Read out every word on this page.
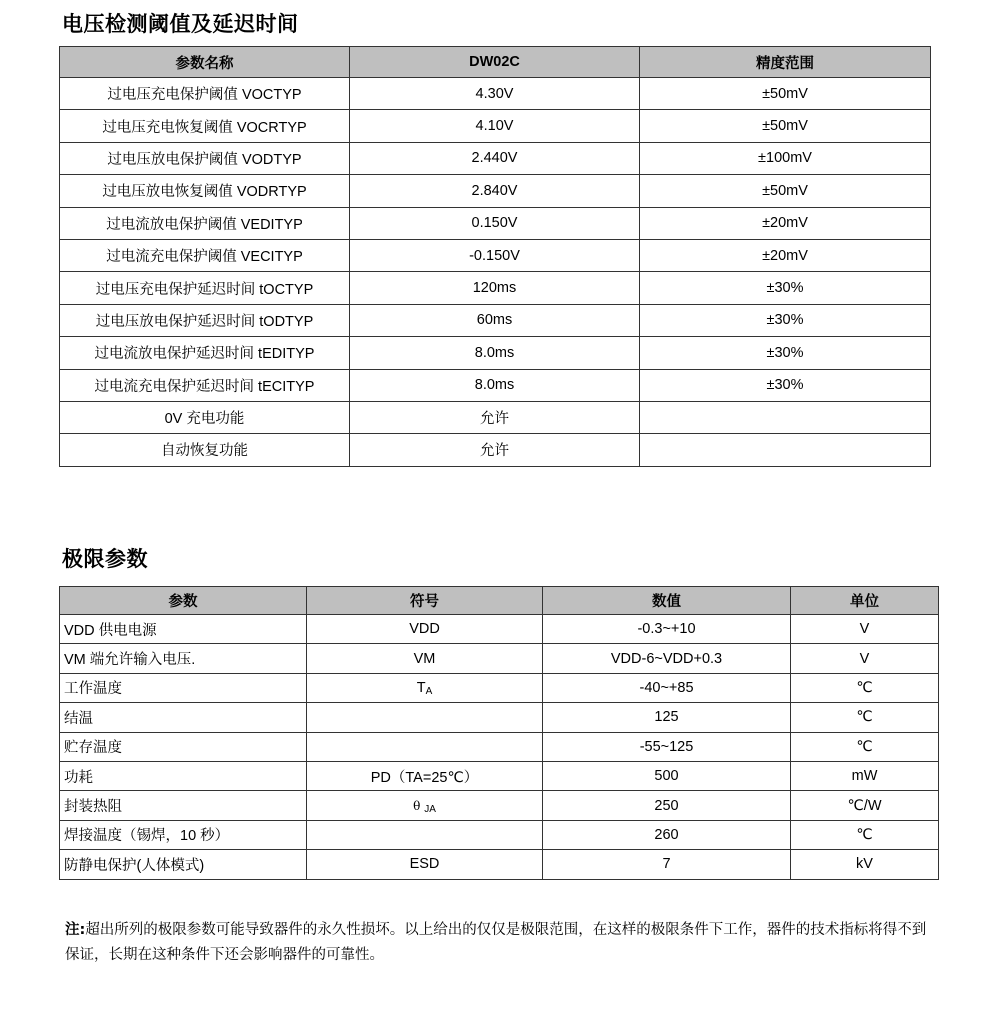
电压检测阈值及延迟时间
参数名称	DW02C	精度范围
过电压充电保护阈值 VOCTYP	4.30V	±50mV
过电压充电恢复阈值 VOCRTYP	4.10V	±50mV
过电压放电保护阈值 VODTYP	2.440V	±100mV
过电压放电恢复阈值 VODRTYP	2.840V	±50mV
过电流放电保护阈值 VEDITYP	0.150V	±20mV
过电流充电保护阈值 VECITYP	-0.150V	±20mV
过电压充电保护延迟时间 tOCTYP	120ms	±30%
过电压放电保护延迟时间 tODTYP	60ms	±30%
过电流放电保护延迟时间 tEDITYP	8.0ms	±30%
过电流充电保护延迟时间 tECITYP	8.0ms	±30%
0V 充电功能	允许	
自动恢复功能	允许	
极限参数
参数	符号	数值	单位
VDD 供电电源	VDD	-0.3~+10	V
VM 端允许输入电压.	VM	VDD-6~VDD+0.3	V
工作温度	TA	-40~+85	℃
结温		125	℃
贮存温度		-55~125	℃
功耗	PD（TA=25℃）	500	mW
封装热阻	θ JA	250	℃/W
焊接温度（锡焊，10 秒）		260	℃
防静电保护(人体模式)	ESD	7	kV

注:超出所列的极限参数可能导致器件的永久性损坏。以上给出的仅仅是极限范围，在这样的极限条件下工作，器件的技术指标将得不到保证，长期在这种条件下还会影响器件的可靠性。
